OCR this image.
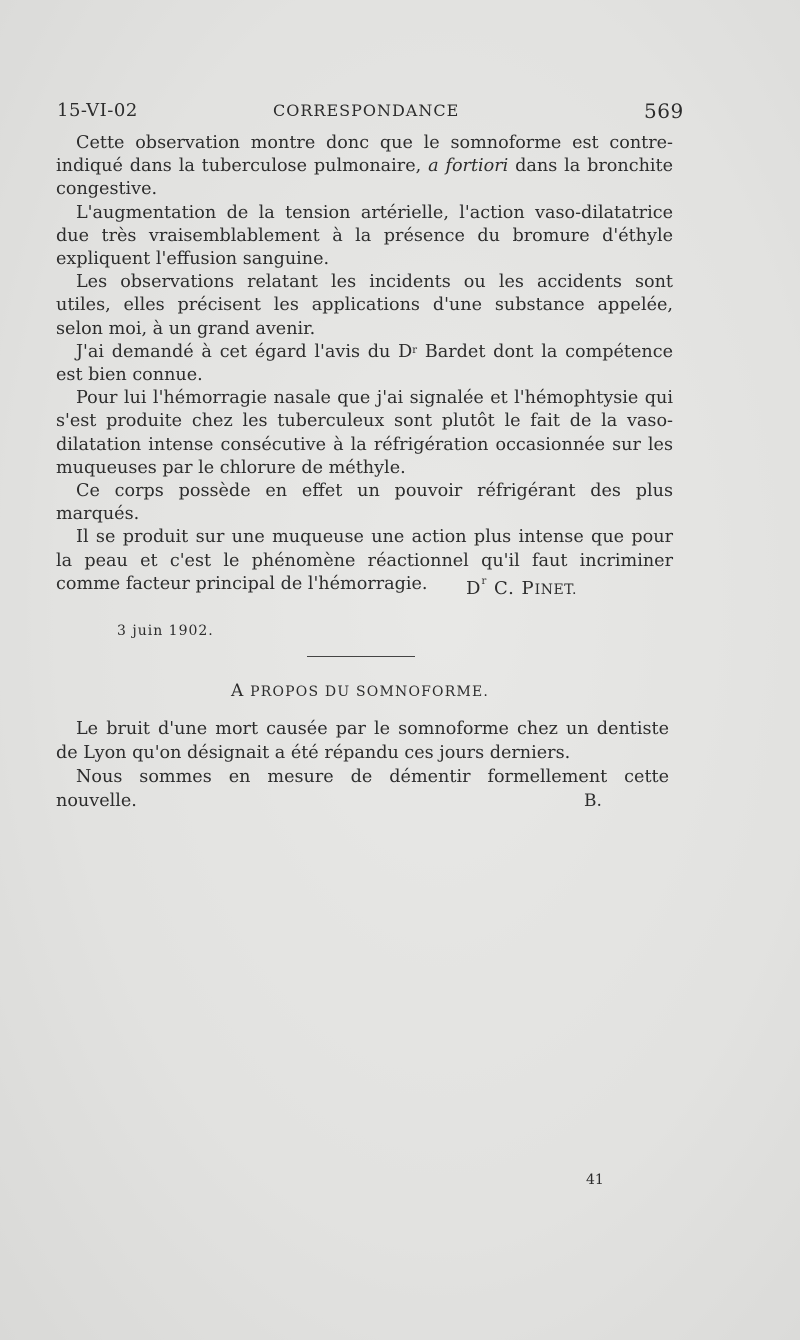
15-VI-02	CORRESPONDANCE	569

Cette observation montre donc que le somnoforme est contre-indiqué dans la tuberculose pulmonaire, a fortiori dans la bronchite congestive.

L'augmentation de la tension artérielle, l'action vaso-dilatatrice due très vraisemblablement à la présence du bromure d'éthyle expliquent l'effusion sanguine.

Les observations relatant les incidents ou les accidents sont utiles, elles précisent les applications d'une substance appelée, selon moi, à un grand avenir.

J'ai demandé à cet égard l'avis du $D^r$ Bardet dont la compétence est bien connue.

Pour lui l'hémorragie nasale que j'ai signalée et l'hémophtysie qui s'est produite chez les tuberculeux sont plutôt le fait de la vaso-dilatation intense consécutive à la réfrigération occasionnée sur les muqueuses par le chlorure de méthyle.

Ce corps possède en effet un pouvoir réfrigérant des plus marqués.

Il se produit sur une muqueuse une action plus intense que pour la peau et c'est le phénomène réactionnel qu'il faut incriminer comme facteur principal de l'hémorragie.	$D^r$ C. PINET.
3 juin 1902.
A PROPOS DU SOMNOFORME.

Le bruit d'une mort causée par le somnoforme chez un dentiste de Lyon qu'on désignait a été répandu ces jours derniers.

Nous sommes en mesure de démentir formellement cette nouvelle.	B.
41
